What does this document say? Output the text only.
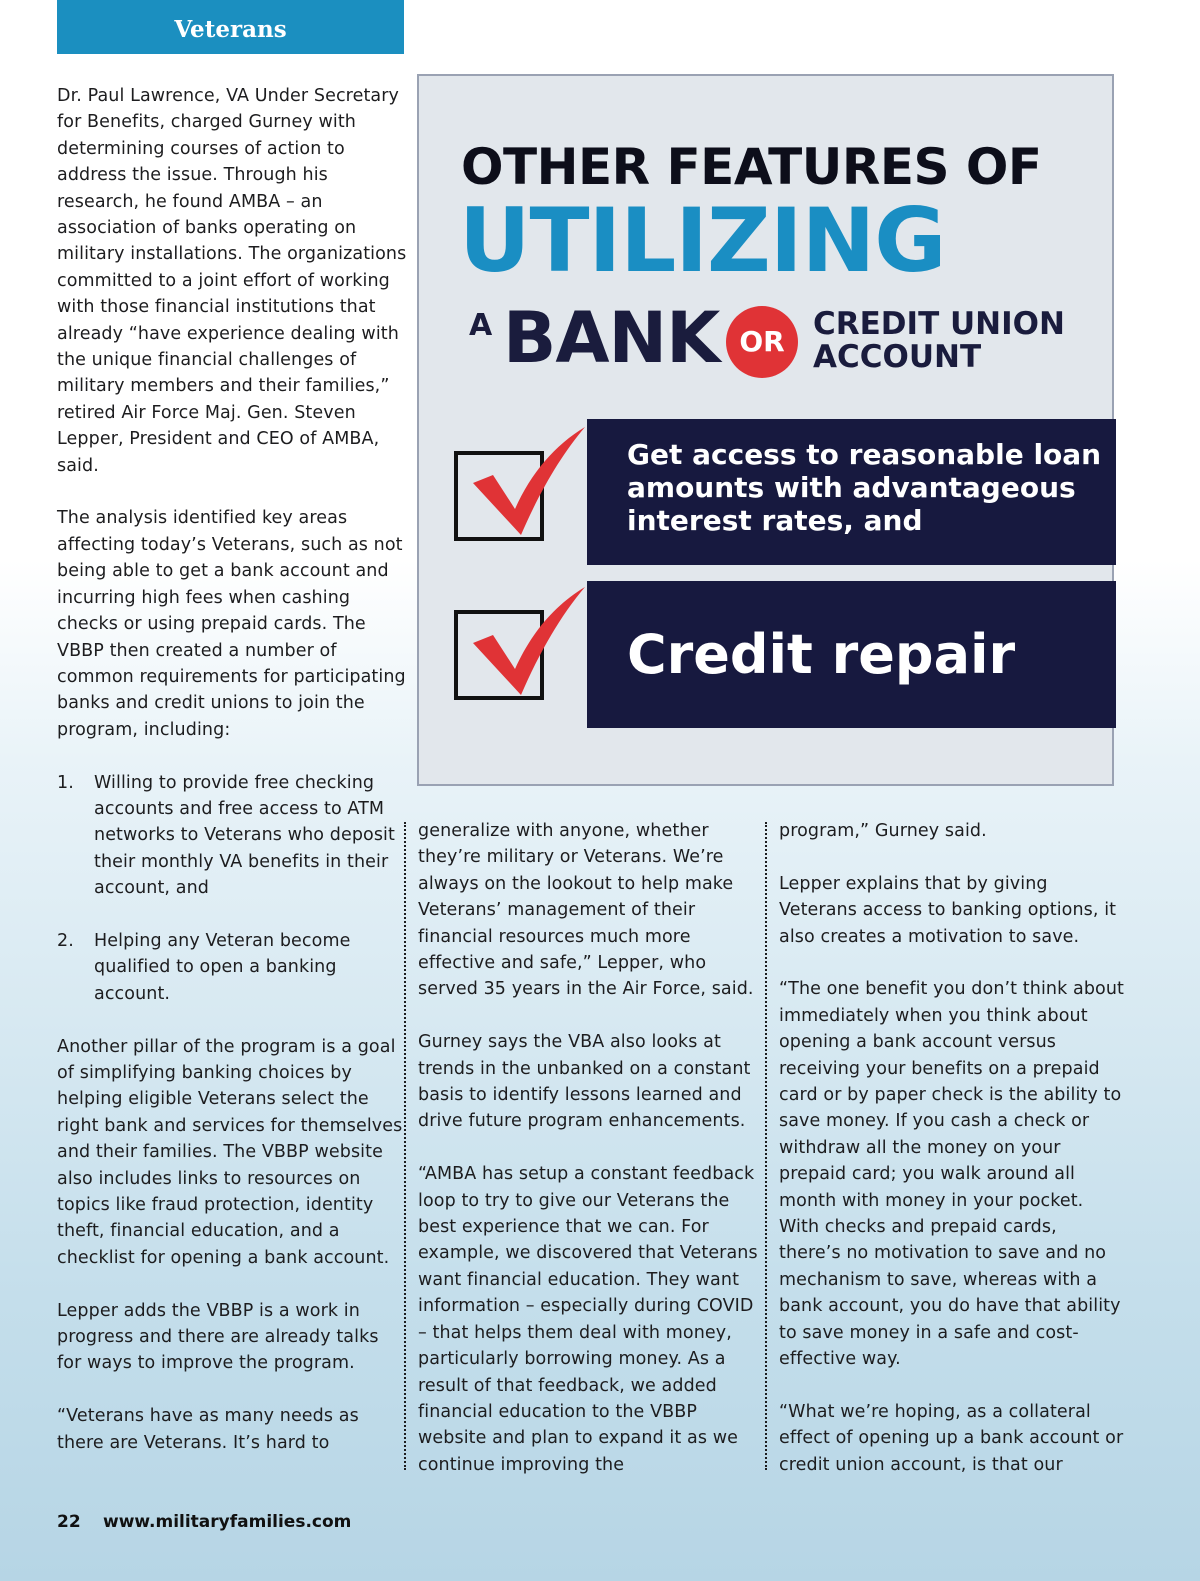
Veterans

Dr. Paul Lawrence, VA Under Secretary for Benefits, charged Gurney with determining courses of action to address the issue. Through his research, he found AMBA – an association of banks operating on military installations. The organizations committed to a joint effort of working with those financial institutions that already “have experience dealing with the unique financial challenges of military members and their families,” retired Air Force Maj. Gen. Steven Lepper, President and CEO of AMBA, said.

The analysis identified key areas affecting today’s Veterans, such as not being able to get a bank account and incurring high fees when cashing checks or using prepaid cards. The VBBP then created a number of common requirements for participating banks and credit unions to join the program, including:

1. Willing to provide free checking accounts and free access to ATM networks to Veterans who deposit their monthly VA benefits in their account, and
2. Helping any Veteran become qualified to open a banking account.

Another pillar of the program is a goal of simplifying banking choices by helping eligible Veterans select the right bank and services for themselves and their families. The VBBP website also includes links to resources on topics like fraud protection, identity theft, financial education, and a checklist for opening a bank account.

Lepper adds the VBBP is a work in progress and there are already talks for ways to improve the program.

“Veterans have as many needs as there are Veterans. It’s hard to

generalize with anyone, whether they’re military or Veterans. We’re always on the lookout to help make Veterans’ management of their financial resources much more effective and safe,” Lepper, who served 35 years in the Air Force, said.

Gurney says the VBA also looks at trends in the unbanked on a constant basis to identify lessons learned and drive future program enhancements.

“AMBA has setup a constant feedback loop to try to give our Veterans the best experience that we can. For example, we discovered that Veterans want financial education. They want information – especially during COVID – that helps them deal with money, particularly borrowing money. As a result of that feedback, we added financial education to the VBBP website and plan to expand it as we continue improving the

program,” Gurney said.

Lepper explains that by giving Veterans access to banking options, it also creates a motivation to save.

“The one benefit you don’t think about immediately when you think about opening a bank account versus receiving your benefits on a prepaid card or by paper check is the ability to save money. If you cash a check or withdraw all the money on your prepaid card; you walk around all month with money in your pocket. With checks and prepaid cards, there’s no motivation to save and no mechanism to save, whereas with a bank account, you do have that ability to save money in a safe and cost-effective way.

“What we’re hoping, as a collateral effect of opening up a bank account or credit union account, is that our

OTHER FEATURES OF
UTILIZING
A BANK OR CREDIT UNION
ACCOUNT
Get access to reasonable loan amounts with advantageous interest rates, and
Credit repair
22 www.militaryfamilies.com
